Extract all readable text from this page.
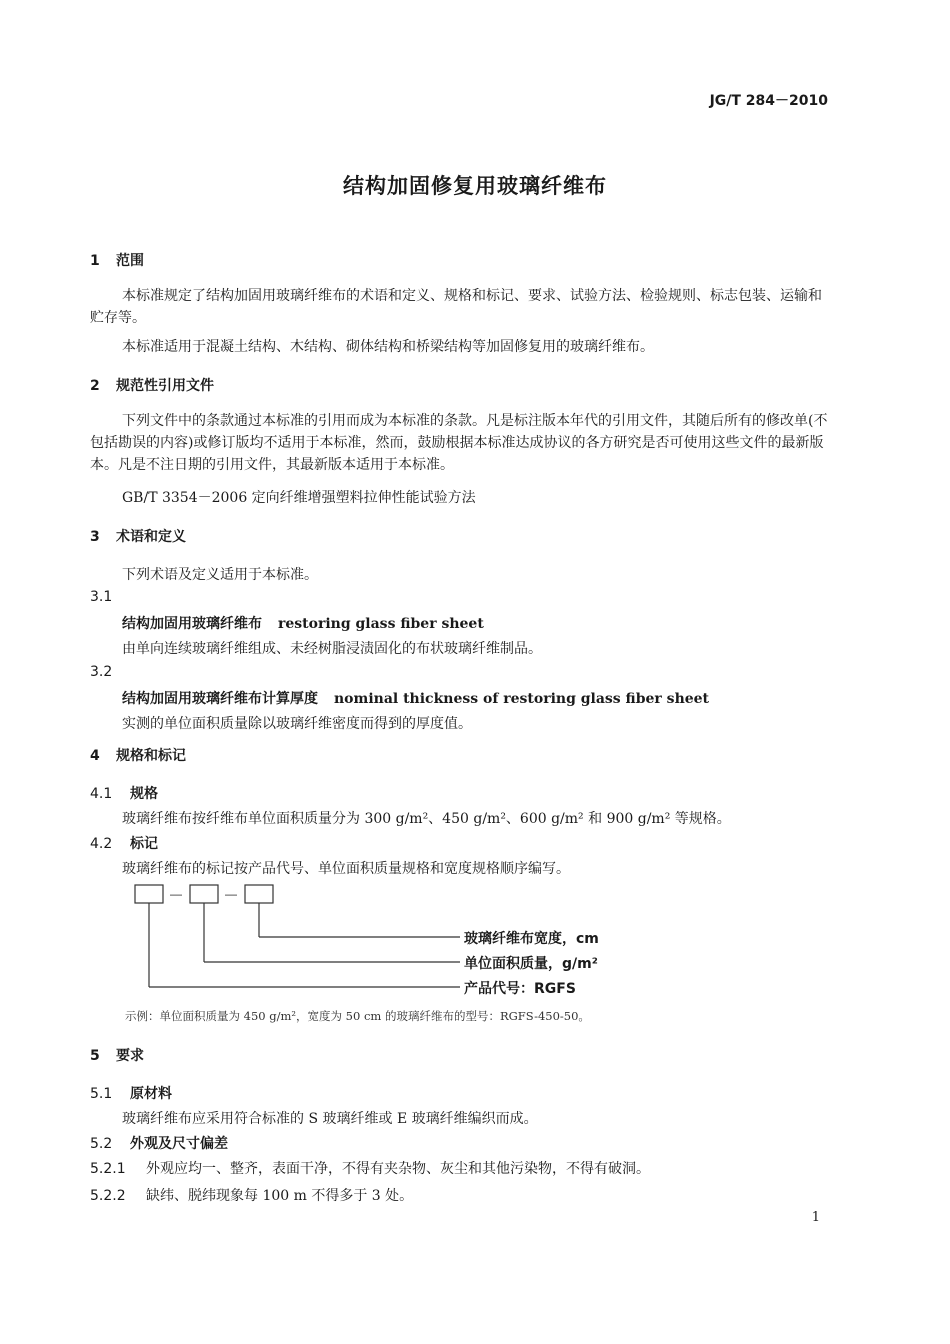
JG/T 284－2010
结构加固修复用玻璃纤维布
1 范围
本标准规定了结构加固用玻璃纤维布的术语和定义、规格和标记、要求、试验方法、检验规则、标志包装、运输和贮存等。
本标准适用于混凝土结构、木结构、砌体结构和桥梁结构等加固修复用的玻璃纤维布。
2 规范性引用文件
下列文件中的条款通过本标准的引用而成为本标准的条款。凡是标注版本年代的引用文件，其随后所有的修改单(不包括勘误的内容)或修订版均不适用于本标准，然而，鼓励根据本标准达成协议的各方研究是否可使用这些文件的最新版本。凡是不注日期的引用文件，其最新版本适用于本标准。
GB/T 3354－2006 定向纤维增强塑料拉伸性能试验方法
3 术语和定义
下列术语及定义适用于本标准。
3.1
结构加固用玻璃纤维布 restoring glass fiber sheet
由单向连续玻璃纤维组成、未经树脂浸渍固化的布状玻璃纤维制品。
3.2
结构加固用玻璃纤维布计算厚度 nominal thickness of restoring glass fiber sheet
实测的单位面积质量除以玻璃纤维密度而得到的厚度值。
4 规格和标记
4.1 规格
玻璃纤维布按纤维布单位面积质量分为 300 g/m²、450 g/m²、600 g/m² 和 900 g/m² 等规格。
4.2 标记
玻璃纤维布的标记按产品代号、单位面积质量规格和宽度规格顺序编写。
—	—
玻璃纤维布宽度，cm
单位面积质量，g/m²
产品代号：RGFS
示例：单位面积质量为 450 g/m²，宽度为 50 cm 的玻璃纤维布的型号：RGFS-450-50。
5 要求
5.1 原材料
玻璃纤维布应采用符合标准的 S 玻璃纤维或 E 玻璃纤维编织而成。
5.2 外观及尺寸偏差
5.2.1 外观应均一、整齐，表面干净，不得有夹杂物、灰尘和其他污染物，不得有破洞。
5.2.2 缺纬、脱纬现象每 100 m 不得多于 3 处。
1
